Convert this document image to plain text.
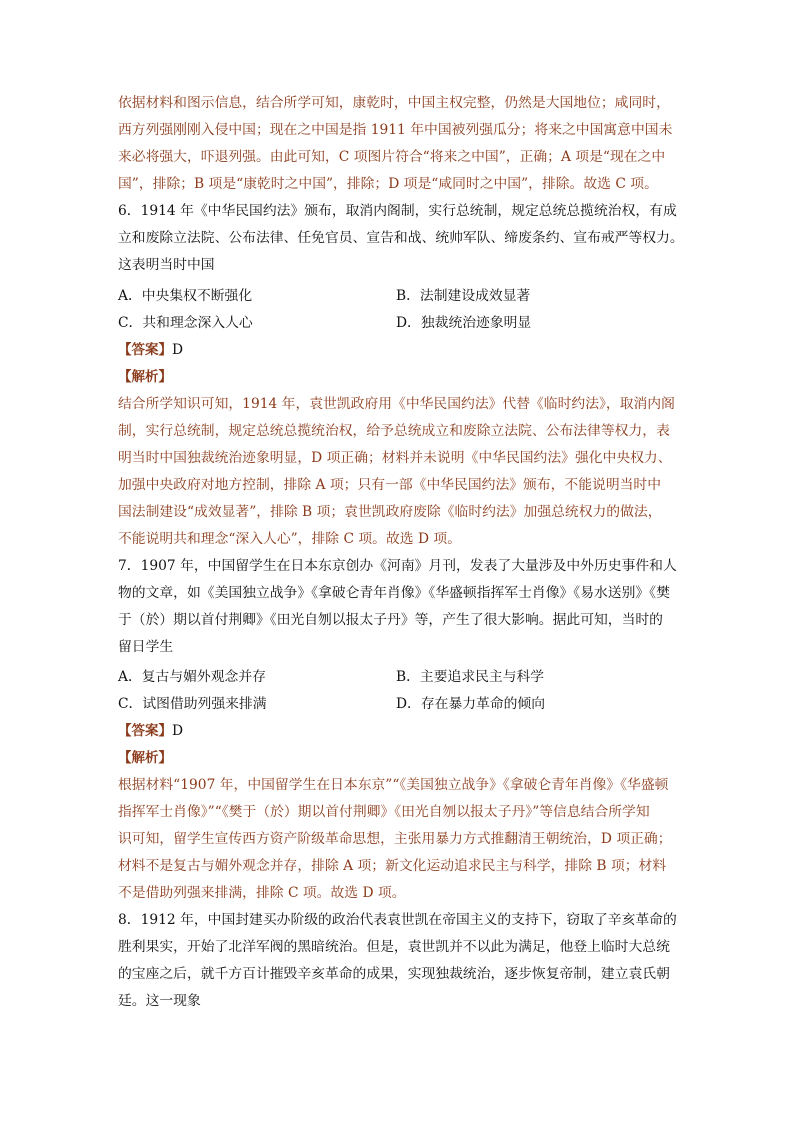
依据材料和图示信息，结合所学可知，康乾时，中国主权完整，仍然是大国地位；咸同时，
西方列强刚刚入侵中国；现在之中国是指 1911 年中国被列强瓜分；将来之中国寓意中国未
来必将强大，吓退列强。由此可知，C 项图片符合“将来之中国”，正确；A 项是“现在之中
国”，排除；B 项是“康乾时之中国”，排除；D 项是“咸同时之中国”，排除。故选 C 项。
6．1914 年《中华民国约法》颁布，取消内阁制，实行总统制，规定总统总揽统治权，有成
立和废除立法院、公布法律、任免官员、宣告和战、统帅军队、缔废条约、宣布戒严等权力。
这表明当时中国
A．中央集权不断强化	B．法制建设成效显著
C．共和理念深入人心	D．独裁统治迹象明显
【答案】D
【解析】
结合所学知识可知，1914 年，袁世凯政府用《中华民国约法》代替《临时约法》，取消内阁
制，实行总统制，规定总统总揽统治权，给予总统成立和废除立法院、公布法律等权力，表
明当时中国独裁统治迹象明显，D 项正确；材料并未说明《中华民国约法》强化中央权力、
加强中央政府对地方控制，排除 A 项；只有一部《中华民国约法》颁布，不能说明当时中
国法制建设“成效显著”，排除 B 项；袁世凯政府废除《临时约法》加强总统权力的做法，
不能说明共和理念“深入人心”，排除 C 项。故选 D 项。
7．1907 年，中国留学生在日本东京创办《河南》月刊，发表了大量涉及中外历史事件和人
物的文章，如《美国独立战争》《拿破仑青年肖像》《华盛顿指挥军士肖像》《易水送别》《樊
于（於）期以首付荆卿》《田光自刎以报太子丹》等，产生了很大影响。据此可知，当时的
留日学生
A．复古与媚外观念并存	B．主要追求民主与科学
C．试图借助列强来排满	D．存在暴力革命的倾向
【答案】D
【解析】
根据材料“1907 年，中国留学生在日本东京”“《美国独立战争》《拿破仑青年肖像》《华盛顿
指挥军士肖像》”“《樊于（於）期以首付荆卿》《田光自刎以报太子丹》”等信息结合所学知
识可知，留学生宣传西方资产阶级革命思想，主张用暴力方式推翻清王朝统治，D 项正确；
材料不是复古与媚外观念并存，排除 A 项；新文化运动追求民主与科学，排除 B 项；材料
不是借助列强来排满，排除 C 项。故选 D 项。
8．1912 年，中国封建买办阶级的政治代表袁世凯在帝国主义的支持下，窃取了辛亥革命的
胜利果实，开始了北洋军阀的黑暗统治。但是，袁世凯并不以此为满足，他登上临时大总统
的宝座之后，就千方百计摧毁辛亥革命的成果，实现独裁统治，逐步恢复帝制，建立袁氏朝
廷。这一现象
